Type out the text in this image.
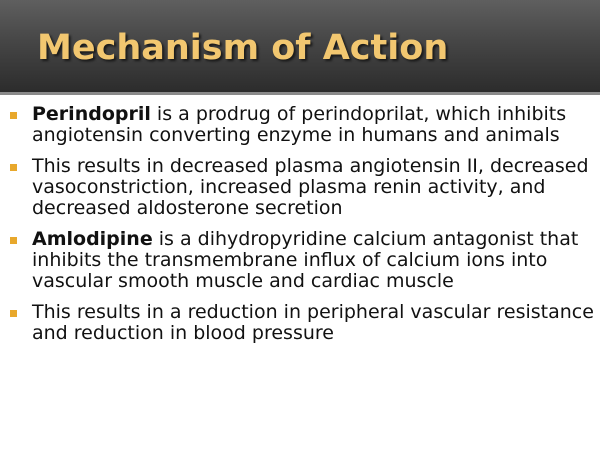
Mechanism of Action
Perindopril is a prodrug of perindoprilat, which inhibits angiotensin converting enzyme in humans and animals
This results in decreased plasma angiotensin II, decreased vasoconstriction, increased plasma renin activity, and decreased aldosterone secretion
Amlodipine is a dihydropyridine calcium antagonist that inhibits the transmembrane influx of calcium ions into vascular smooth muscle and cardiac muscle
This results in a reduction in peripheral vascular resistance and reduction in blood pressure
